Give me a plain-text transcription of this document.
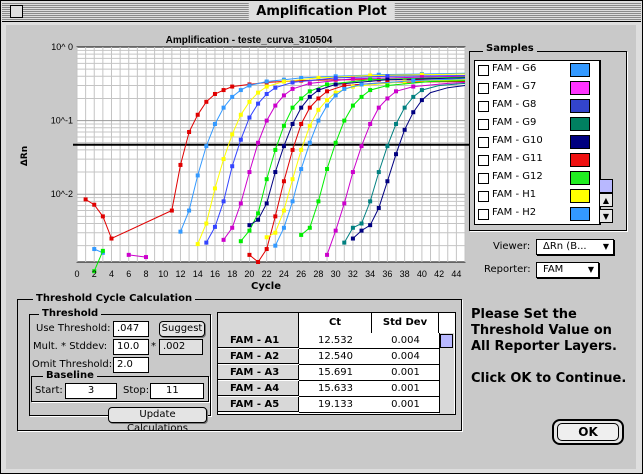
Amplification Plot
Amplification - teste_curva_310504
0 2 4 6 8 10 12 14 16 18 20 22 24 26 28 30 32 34 36 38 40 42 44
10^ 0
10^-1
10^-2
ΔRn
Cycle
Samples
FAM - G6
FAM - G7
FAM - G8
FAM - G9
FAM - G10
FAM - G11
FAM - G12
FAM - H1
FAM - H2
▲
▼
Viewer:	ΔRn (B... ▼
Reporter:	FAM	▼
Threshold Cycle Calculation
Threshold
Use Threshold: .047	Suggest
Mult. * Stddev: 10.0	* .002
Omit Threshold: 2.0
Baseline
Start:	3	Stop:	11
Update Calculations
Ct	Std Dev
FAM - A1	12.532	0.004
FAM - A2	12.540	0.004
FAM - A3	15.691	0.001
FAM - A4	15.633	0.001
FAM - A5	19.133	0.001
Please Set the Threshold Value on All Reporter Layers.
Click OK to Continue.
OK
